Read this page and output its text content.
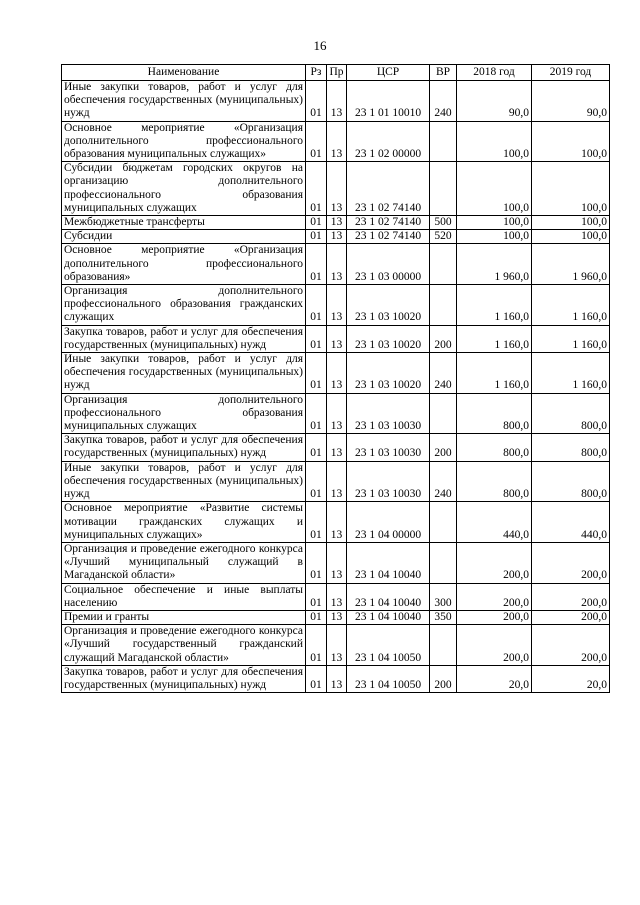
16
Наименование	Рз	Пр	ЦСР	ВР	2018 год	2019 год
Иные закупки товаров, работ и услуг для обеспечения государственных (муниципальных) нужд	01	13	23 1 01 10010	240	90,0	90,0
Основное мероприятие «Организация дополнительного профессионального образования муниципальных служащих»	01	13	23 1 02 00000		100,0	100,0
Субсидии бюджетам городских округов на организацию дополнительного профессионального образования муниципальных служащих	01	13	23 1 02 74140		100,0	100,0
Межбюджетные трансферты	01	13	23 1 02 74140	500	100,0	100,0
Субсидии	01	13	23 1 02 74140	520	100,0	100,0
Основное мероприятие «Организация дополнительного профессионального образования»	01	13	23 1 03 00000		1 960,0	1 960,0
Организация дополнительного профессионального образования гражданских служащих	01	13	23 1 03 10020		1 160,0	1 160,0
Закупка товаров, работ и услуг для обеспечения государственных (муниципальных) нужд	01	13	23 1 03 10020	200	1 160,0	1 160,0
Иные закупки товаров, работ и услуг для обеспечения государственных (муниципальных) нужд	01	13	23 1 03 10020	240	1 160,0	1 160,0
Организация дополнительного профессионального образования муниципальных служащих	01	13	23 1 03 10030		800,0	800,0
Закупка товаров, работ и услуг для обеспечения государственных (муниципальных) нужд	01	13	23 1 03 10030	200	800,0	800,0
Иные закупки товаров, работ и услуг для обеспечения государственных (муниципальных) нужд	01	13	23 1 03 10030	240	800,0	800,0
Основное мероприятие «Развитие системы мотивации гражданских служащих и муниципальных служащих»	01	13	23 1 04 00000		440,0	440,0
Организация и проведение ежегодного конкурса «Лучший муниципальный служащий в Магаданской области»	01	13	23 1 04 10040		200,0	200,0
Социальное обеспечение и иные выплаты населению	01	13	23 1 04 10040	300	200,0	200,0
Премии и гранты	01	13	23 1 04 10040	350	200,0	200,0
Организация и проведение ежегодного конкурса «Лучший государственный гражданский служащий Магаданской области»	01	13	23 1 04 10050		200,0	200,0
Закупка товаров, работ и услуг для обеспечения государственных (муниципальных) нужд	01	13	23 1 04 10050	200	20,0	20,0
